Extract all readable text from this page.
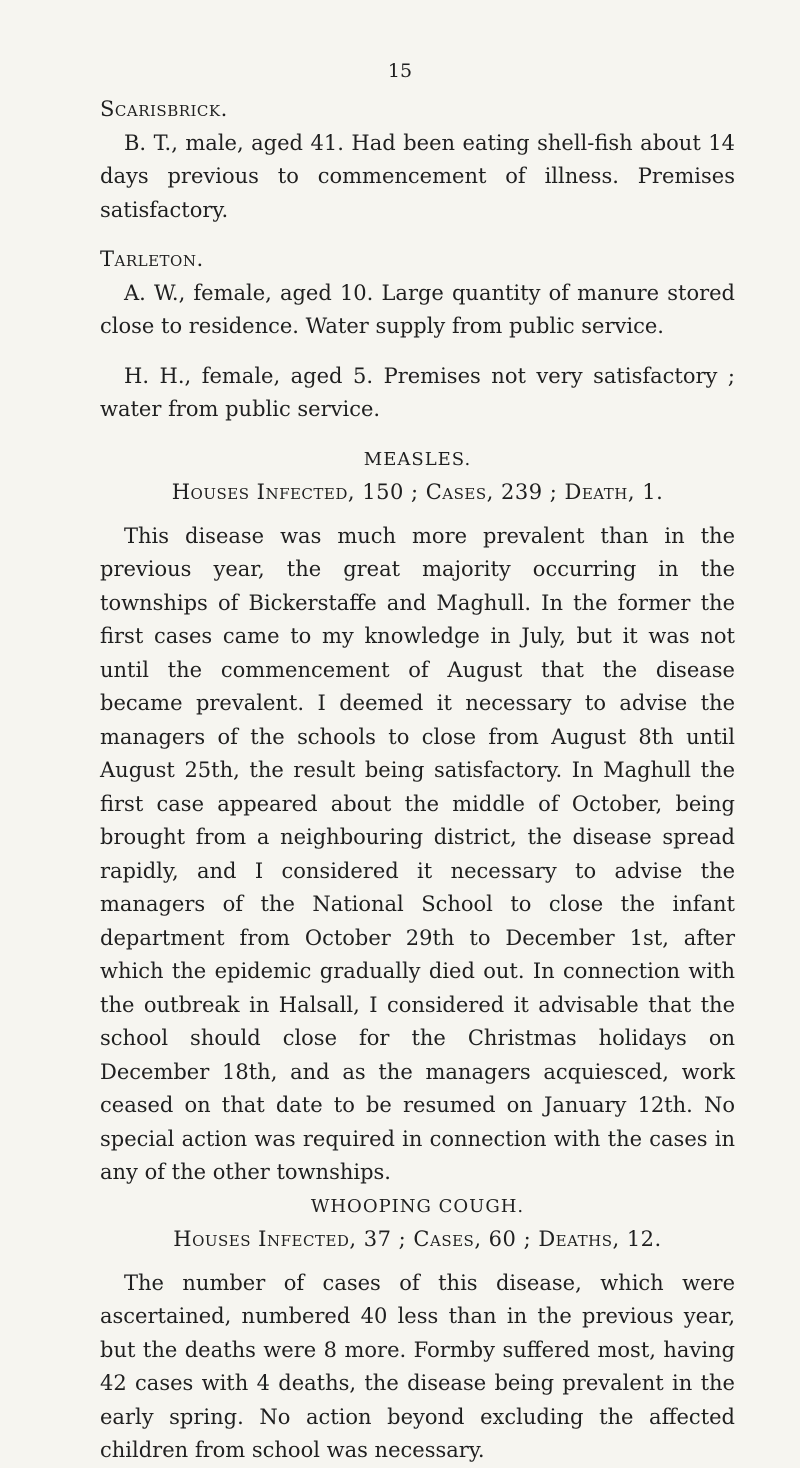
15
Scarisbrick.
B. T., male, aged 41. Had been eating shell-fish about 14 days previous to commencement of illness. Premises satisfactory.
Tarleton.
A. W., female, aged 10. Large quantity of manure stored close to residence. Water supply from public service.
H. H., female, aged 5. Premises not very satisfactory ; water from public service.
MEASLES.
Houses Infected, 150 ; Cases, 239 ; Death, 1.
This disease was much more prevalent than in the previous year, the great majority occurring in the townships of Bickerstaffe and Maghull. In the former the first cases came to my knowledge in July, but it was not until the commencement of August that the disease became prevalent. I deemed it necessary to advise the managers of the schools to close from August 8th until August 25th, the result being satisfactory. In Maghull the first case appeared about the middle of October, being brought from a neighbouring district, the disease spread rapidly, and I considered it necessary to advise the managers of the National School to close the infant department from October 29th to December 1st, after which the epidemic gradually died out. In connection with the outbreak in Halsall, I considered it advisable that the school should close for the Christmas holidays on December 18th, and as the managers acquiesced, work ceased on that date to be resumed on January 12th. No special action was required in connection with the cases in any of the other townships.
WHOOPING COUGH.
Houses Infected, 37 ; Cases, 60 ; Deaths, 12.
The number of cases of this disease, which were ascertained, numbered 40 less than in the previous year, but the deaths were 8 more. Formby suffered most, having 42 cases with 4 deaths, the disease being prevalent in the early spring. No action beyond excluding the affected children from school was necessary.
